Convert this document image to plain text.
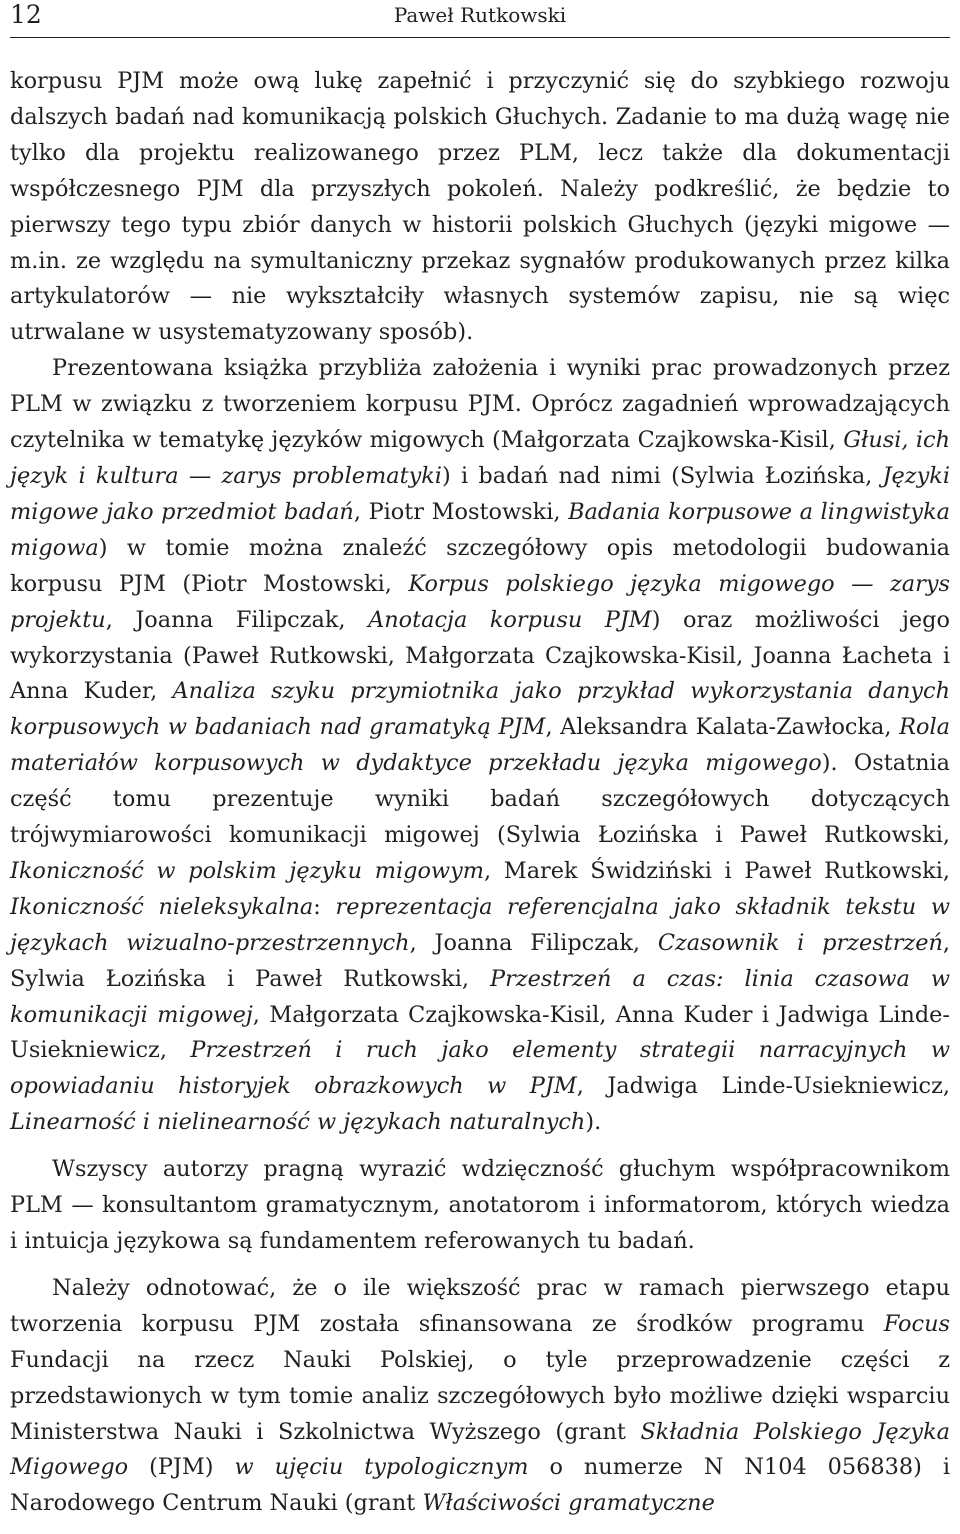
12	Paweł Rutkowski

korpusu PJM może ową lukę zapełnić i przyczynić się do szybkiego rozwoju dalszych badań nad komunikacją polskich Głuchych. Zadanie to ma dużą wagę nie tylko dla projektu realizowanego przez PLM, lecz także dla dokumentacji współczesnego PJM dla przyszłych pokoleń. Należy podkreślić, że będzie to pierwszy tego typu zbiór danych w historii polskich Głuchych (języki migowe — m.in. ze względu na symultaniczny przekaz sygnałów produkowanych przez kilka artykulatorów — nie wykształciły własnych systemów zapisu, nie są więc utrwalane w usystematyzowany sposób).

Prezentowana książka przybliża założenia i wyniki prac prowadzonych przez PLM w związku z tworzeniem korpusu PJM. Oprócz zagadnień wprowadzających czytelnika w tematykę języków migowych (Małgorzata Czajkowska-Kisil, Głusi, ich język i kultura — zarys problematyki) i badań nad nimi (Sylwia Łozińska, Języki migowe jako przedmiot badań, Piotr Mostowski, Badania korpusowe a lingwistyka migowa) w tomie można znaleźć szczegółowy opis metodologii budowania korpusu PJM (Piotr Mostowski, Korpus polskiego języka migowego — zarys projektu, Joanna Filipczak, Anotacja korpusu PJM) oraz możliwości jego wykorzystania (Paweł Rutkowski, Małgorzata Czajkowska-Kisil, Joanna Łacheta i Anna Kuder, Analiza szyku przymiotnika jako przykład wykorzystania danych korpusowych w badaniach nad gramatyką PJM, Aleksandra Kalata-Zawłocka, Rola materiałów korpusowych w dydaktyce przekładu języka migowego). Ostatnia część tomu prezentuje wyniki badań szczegółowych dotyczących trójwymiarowości komunikacji migowej (Sylwia Łozińska i Paweł Rutkowski, Ikoniczność w polskim języku migowym, Marek Świdziński i Paweł Rutkowski, Ikoniczność nieleksykalna: reprezentacja referencjalna jako składnik tekstu w językach wizualno-przestrzennych, Joanna Filipczak, Czasownik i przestrzeń, Sylwia Łozińska i Paweł Rutkowski, Przestrzeń a czas: linia czasowa w komunikacji migowej, Małgorzata Czajkowska-Kisil, Anna Kuder i Jadwiga Linde-Usiekniewicz, Przestrzeń i ruch jako elementy strategii narracyjnych w opowiadaniu historyjek obrazkowych w PJM, Jadwiga Linde-Usiekniewicz, Linearność i nielinearność w językach naturalnych).

Wszyscy autorzy pragną wyrazić wdzięczność głuchym współpracownikom PLM — konsultantom gramatycznym, anotatorom i informatorom, których wiedza i intuicja językowa są fundamentem referowanych tu badań.

Należy odnotować, że o ile większość prac w ramach pierwszego etapu tworzenia korpusu PJM została sfinansowana ze środków programu Focus Fundacji na rzecz Nauki Polskiej, o tyle przeprowadzenie części z przedstawionych w tym tomie analiz szczegółowych było możliwe dzięki wsparciu Ministerstwa Nauki i Szkolnictwa Wyższego (grant Składnia Polskiego Języka Migowego (PJM) w ujęciu typologicznym o numerze N N104 056838) i Narodowego Centrum Nauki (grant Właściwości gramatyczne
